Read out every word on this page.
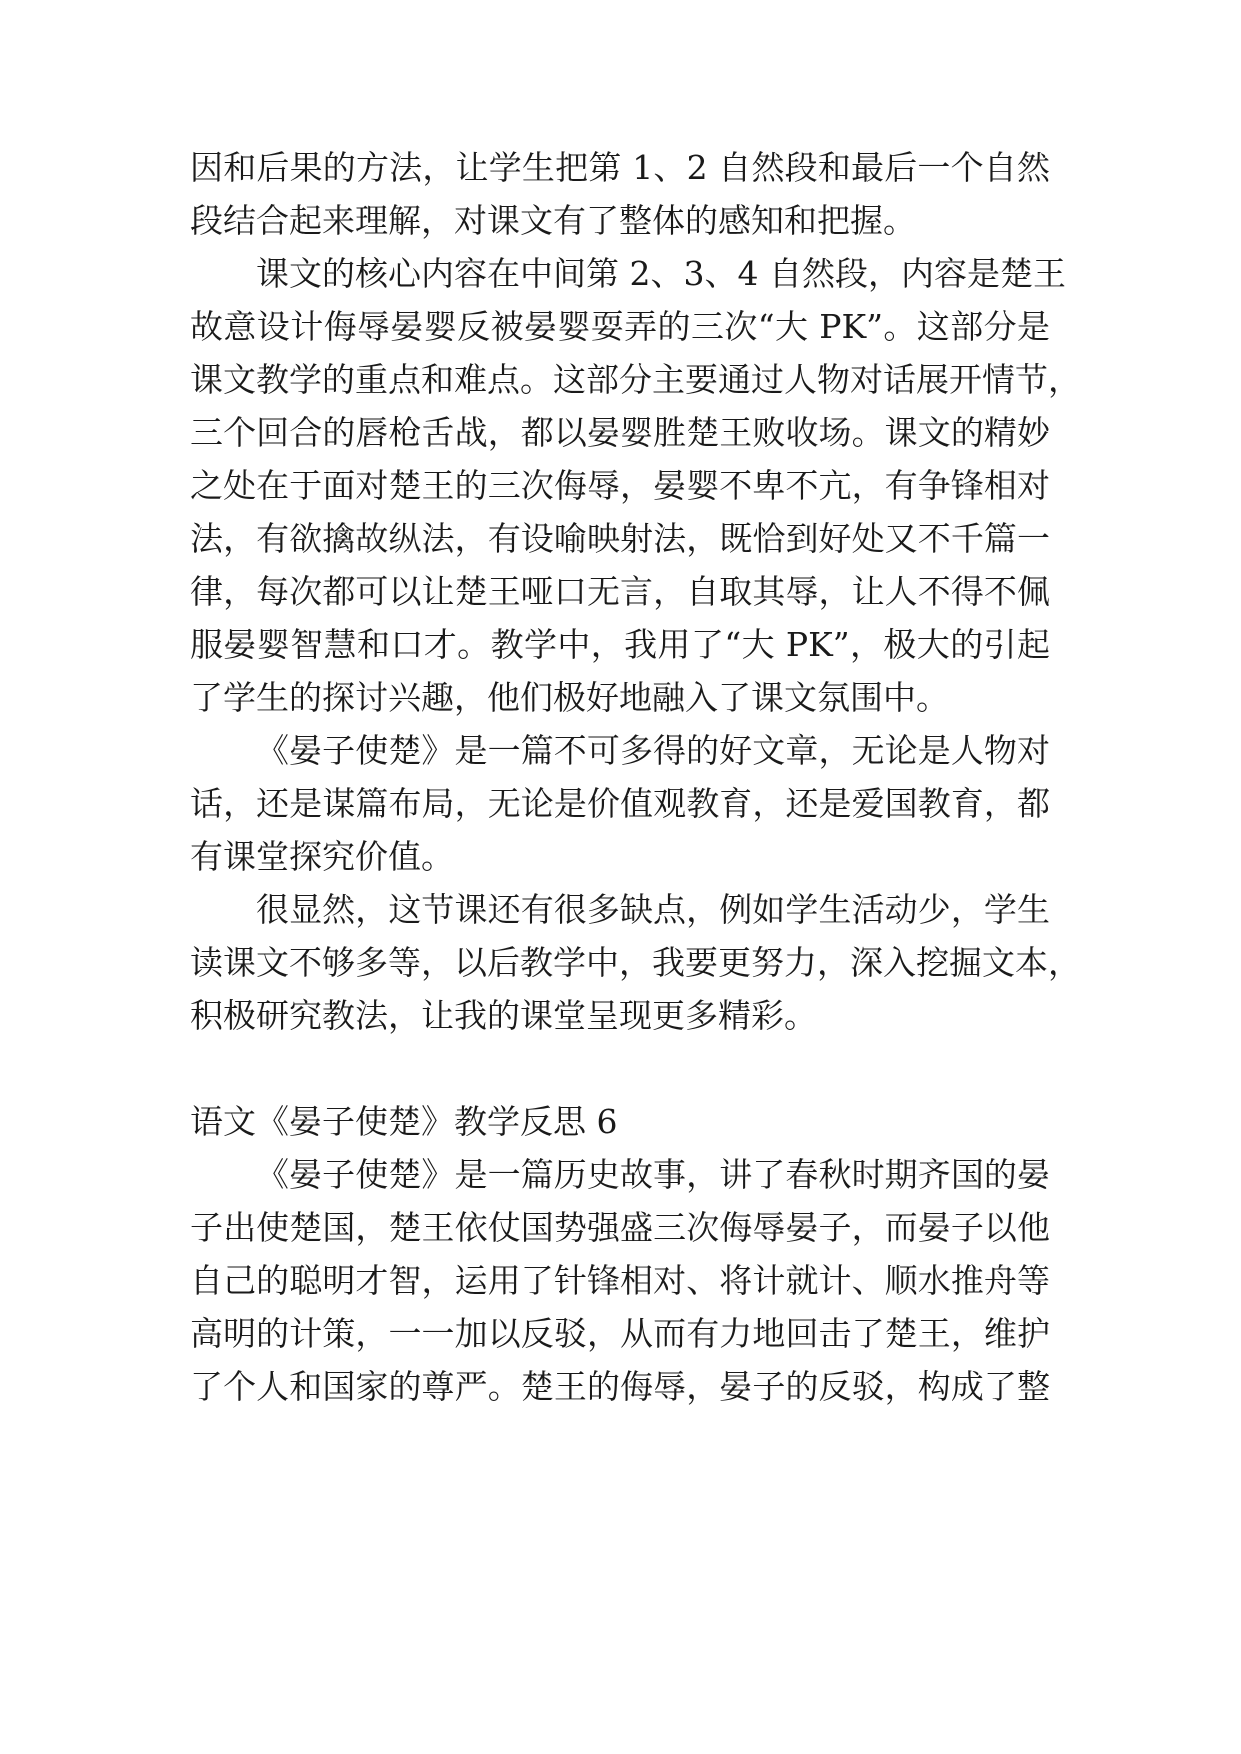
因和后果的方法，让学生把第 1、2 自然段和最后一个自然
段结合起来理解，对课文有了整体的感知和把握。
课文的核心内容在中间第 2、3、4 自然段，内容是楚王
故意设计侮辱晏婴反被晏婴耍弄的三次“大 PK”。这部分是
课文教学的重点和难点。这部分主要通过人物对话展开情节，
三个回合的唇枪舌战，都以晏婴胜楚王败收场。课文的精妙
之处在于面对楚王的三次侮辱，晏婴不卑不亢，有争锋相对
法，有欲擒故纵法，有设喻映射法，既恰到好处又不千篇一
律，每次都可以让楚王哑口无言，自取其辱，让人不得不佩
服晏婴智慧和口才。教学中，我用了“大 PK”，极大的引起
了学生的探讨兴趣，他们极好地融入了课文氛围中。
《晏子使楚》是一篇不可多得的好文章，无论是人物对
话，还是谋篇布局，无论是价值观教育，还是爱国教育，都
有课堂探究价值。
很显然，这节课还有很多缺点，例如学生活动少，学生
读课文不够多等，以后教学中，我要更努力，深入挖掘文本，
积极研究教法，让我的课堂呈现更多精彩。
语文《晏子使楚》教学反思 6
《晏子使楚》是一篇历史故事，讲了春秋时期齐国的晏
子出使楚国，楚王依仗国势强盛三次侮辱晏子，而晏子以他
自己的聪明才智，运用了针锋相对、将计就计、顺水推舟等
高明的计策，一一加以反驳，从而有力地回击了楚王，维护
了个人和国家的尊严。楚王的侮辱，晏子的反驳，构成了整
